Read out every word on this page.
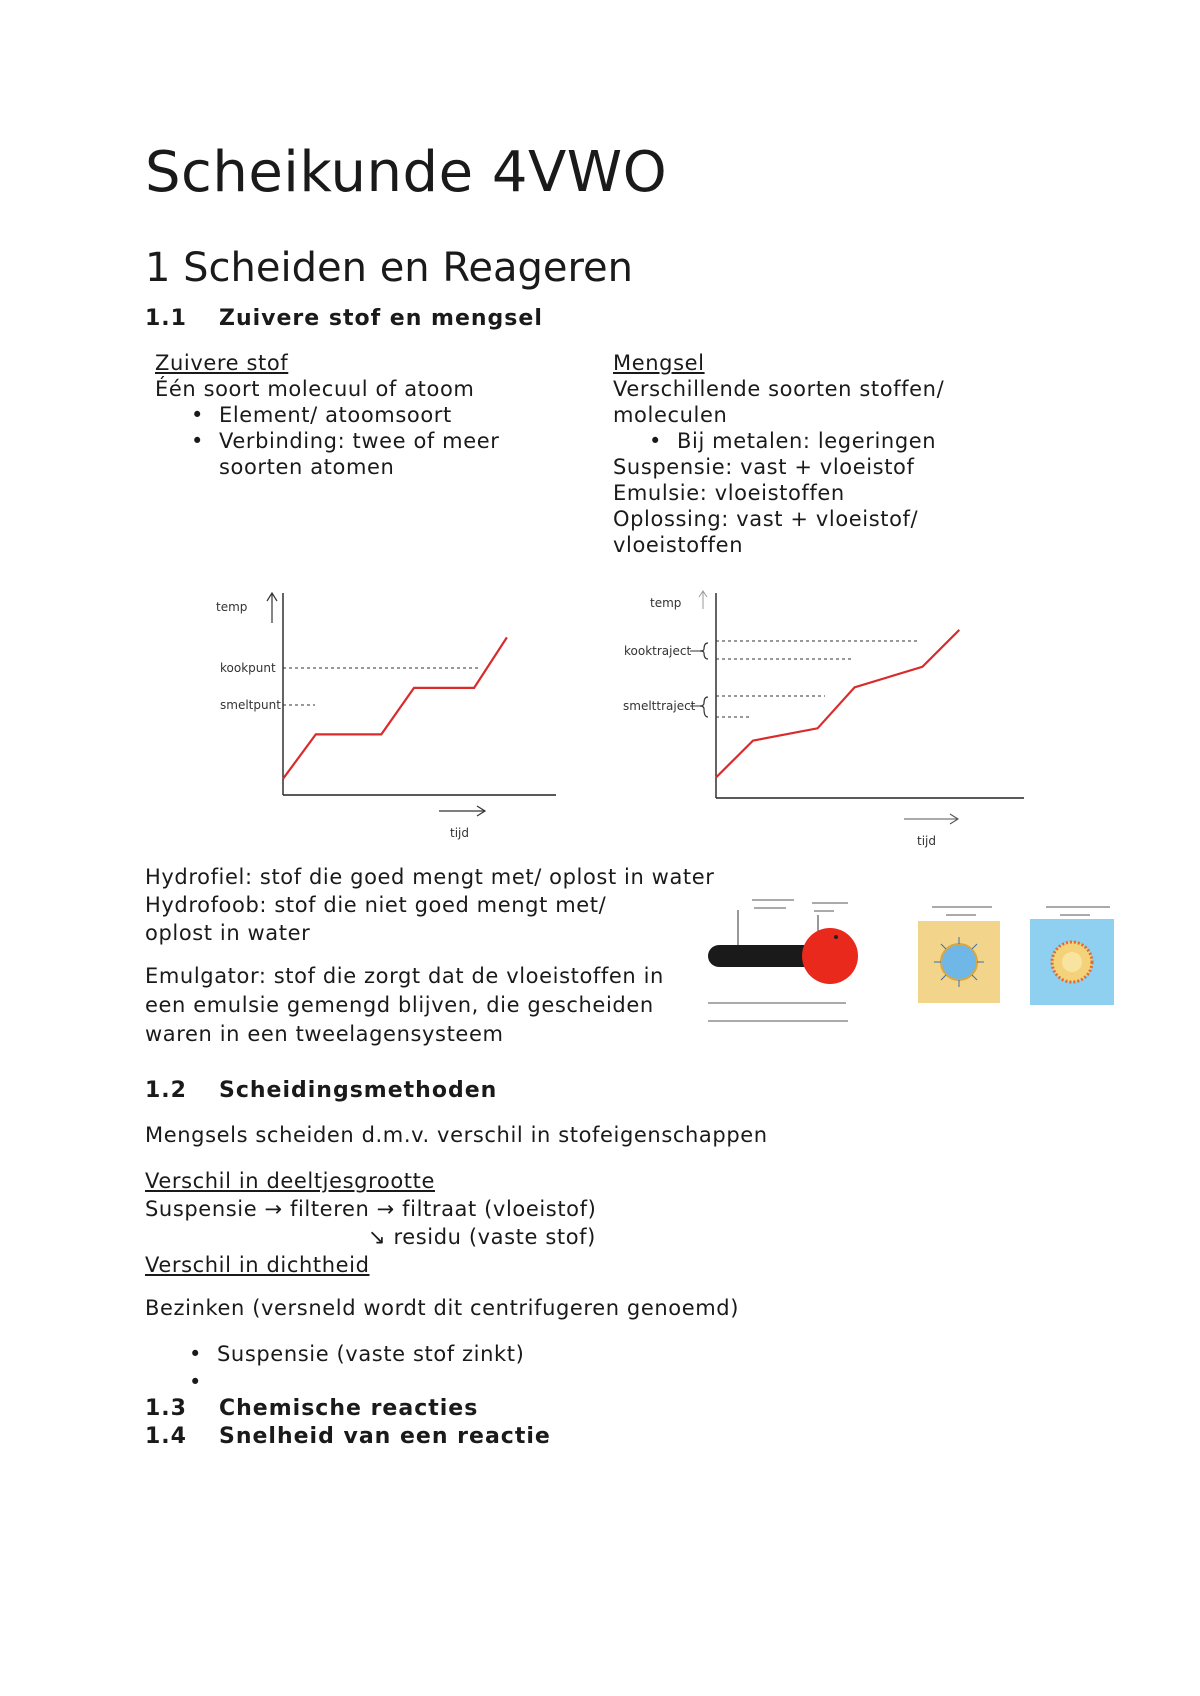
Scheikunde 4VWO
1 Scheiden en Reageren
1.1 Zuivere stof en mengsel
Zuivere stof
Één soort molecuul of atoom
• Element/ atoomsoort
• Verbinding: twee of meer soorten atomen
Mengsel
Verschillende soorten stoffen/
moleculen
• Bij metalen: legeringen
Suspensie: vast + vloeistof
Emulsie: vloeistoffen
Oplossing: vast + vloeistof/
vloeistoffen
temp
kookpunt
smeltpunt
tijd
temp
kooktraject
smelttraject
tijd
Hydrofiel: stof die goed mengt met/ oplost in water
Hydrofoob: stof die niet goed mengt met/
oplost in water
Emulgator: stof die zorgt dat de vloeistoffen in
een emulsie gemengd blijven, die gescheiden
waren in een tweelagensysteem
1.2 Scheidingsmethoden
Mengsels scheiden d.m.v. verschil in stofeigenschappen
Verschil in deeltjesgrootte
Suspensie → filteren → filtraat (vloeistof)
↘ residu (vaste stof)
Verschil in dichtheid
Bezinken (versneld wordt dit centrifugeren genoemd)
• Suspensie (vaste stof zinkt)
•
1.3 Chemische reacties
1.4 Snelheid van een reactie
